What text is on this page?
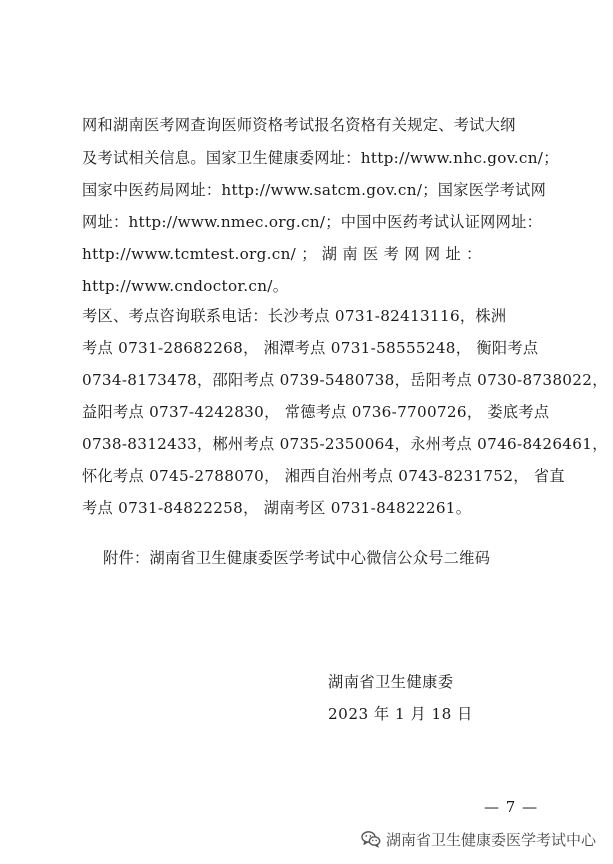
网和湖南医考网查询医师资格考试报名资格有关规定、考试大纲
及考试相关信息。国家卫生健康委网址：http://www.nhc.gov.cn/；
国家中医药局网址：http://www.satcm.gov.cn/；国家医学考试网
网址：http://www.nmec.org.cn/；中国中医药考试认证网网址：
http://www.tcmtest.org.cn/ ； 湖 南 医 考 网 网 址 ：
http://www.cndoctor.cn/。
考区、考点咨询联系电话：长沙考点 0731-82413116，株洲
考点 0731-28682268， 湘潭考点 0731-58555248， 衡阳考点
0734-8173478，邵阳考点 0739-5480738，岳阳考点 0730-8738022，
益阳考点 0737-4242830， 常德考点 0736-7700726， 娄底考点
0738-8312433，郴州考点 0735-2350064，永州考点 0746-8426461，
怀化考点 0745-2788070， 湘西自治州考点 0743-8231752， 省直
考点 0731-84822258， 湖南考区 0731-84822261。
附件：湖南省卫生健康委医学考试中心微信公众号二维码
湖南省卫生健康委
2023 年 1 月 18 日
— 7 —
湖南省卫生健康委医学考试中心
